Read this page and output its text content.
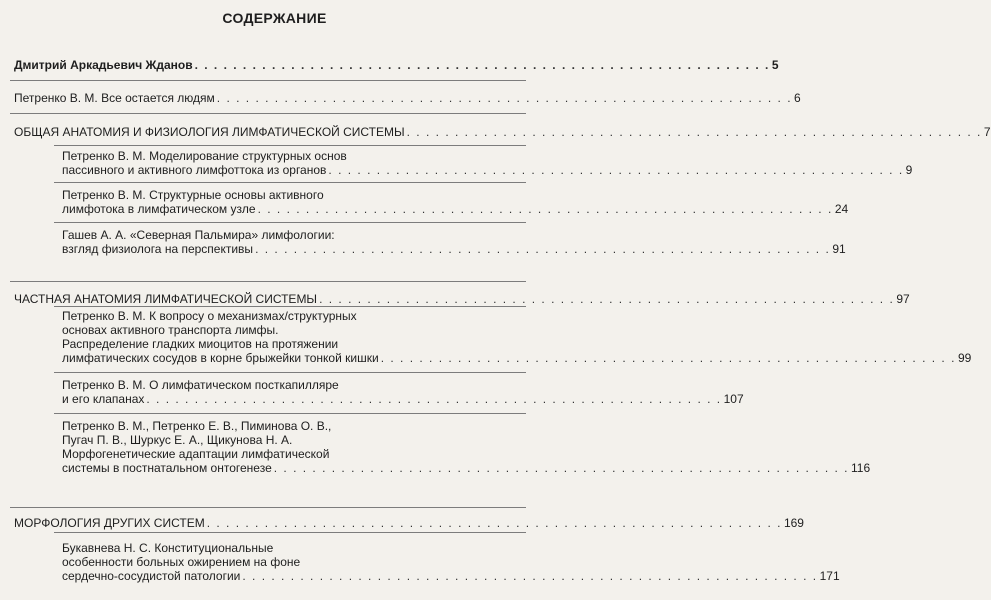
СОДЕРЖАНИЕ
Дмитрий Аркадьевич Жданов . . . . . . . . . . . . . . . . . . . . . . . . . . . . . . . . . . . . . . . . . . . . . . . . . . . . . . . . . . . . 5
Петренко В. М. Все остается людям . . . . . . . . . . . . . . . . . . . . . . . . . . . . . . . . . . . . . . . . . . . . . . . . . . . . . . . . . . . . 6
ОБЩАЯ АНАТОМИЯ И ФИЗИОЛОГИЯ ЛИМФАТИЧЕСКОЙ СИСТЕМЫ . . . . . . . . . . . . . . . . . . . . . . . . . . . . . . . . . . . . . . . . . . . . . . . . . . . . . . . . . . . . 7
Петренко В. М. Моделирование структурных основ
пассивного и активного лимфоттока из органов . . . . . . . . . . . . . . . . . . . . . . . . . . . . . . . . . . . . . . . . . . . . . . . . . . . . . . . . . . . . 9
Петренко В. М. Структурные основы активного
лимфотока в лимфатическом узле . . . . . . . . . . . . . . . . . . . . . . . . . . . . . . . . . . . . . . . . . . . . . . . . . . . . . . . . . . . . 24
Гашев А. А. «Северная Пальмира» лимфологии:
взгляд физиолога на перспективы . . . . . . . . . . . . . . . . . . . . . . . . . . . . . . . . . . . . . . . . . . . . . . . . . . . . . . . . . . . . 91
ЧАСТНАЯ АНАТОМИЯ ЛИМФАТИЧЕСКОЙ СИСТЕМЫ . . . . . . . . . . . . . . . . . . . . . . . . . . . . . . . . . . . . . . . . . . . . . . . . . . . . . . . . . . . . 97
Петренко В. М. К вопросу о механизмах/структурных
основах активного транспорта лимфы.
Распределение гладких миоцитов на протяжении
лимфатических сосудов в корне брыжейки тонкой кишки . . . . . . . . . . . . . . . . . . . . . . . . . . . . . . . . . . . . . . . . . . . . . . . . . . . . . . . . . . . . 99
Петренко В. М. О лимфатическом посткапилляре
и его клапанах . . . . . . . . . . . . . . . . . . . . . . . . . . . . . . . . . . . . . . . . . . . . . . . . . . . . . . . . . . . . 107
Петренко В. М., Петренко Е. В., Пиминова О. В.,
Пугач П. В., Шуркус Е. А., Щикунова Н. А.
Морфогенетические адаптации лимфатической
системы в постнатальном онтогенезе . . . . . . . . . . . . . . . . . . . . . . . . . . . . . . . . . . . . . . . . . . . . . . . . . . . . . . . . . . . . 116
МОРФОЛОГИЯ ДРУГИХ СИСТЕМ . . . . . . . . . . . . . . . . . . . . . . . . . . . . . . . . . . . . . . . . . . . . . . . . . . . . . . . . . . . . 169
Букавнева Н. С. Конституциональные
особенности больных ожирением на фоне
сердечно-сосудистой патологии . . . . . . . . . . . . . . . . . . . . . . . . . . . . . . . . . . . . . . . . . . . . . . . . . . . . . . . . . . . . 171
